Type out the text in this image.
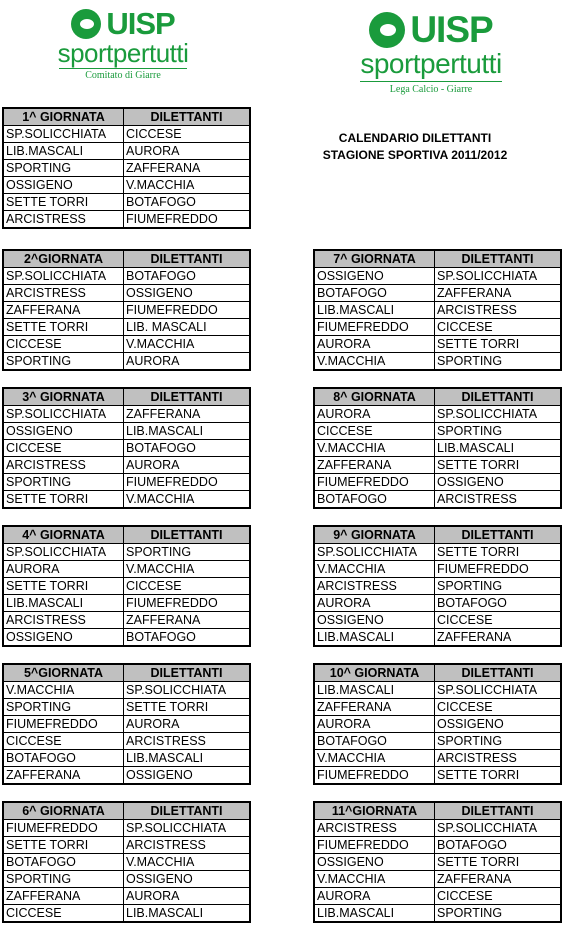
UISP
sportpertutti
Comitato di Giarre
UISP
sportpertutti
Lega Calcio - Giarre
CALENDARIO DILETTANTI
STAGIONE SPORTIVA 2011/2012
1^ GIORNATA	DILETTANTI
SP.SOLICCHIATA	CICCESE
LIB.MASCALI	AURORA
SPORTING	ZAFFERANA
OSSIGENO	V.MACCHIA
SETTE TORRI	BOTAFOGO
ARCISTRESS	FIUMEFREDDO
2^GIORNATA	DILETTANTI
SP.SOLICCHIATA	BOTAFOGO
ARCISTRESS	OSSIGENO
ZAFFERANA	FIUMEFREDDO
SETTE TORRI	LIB. MASCALI
CICCESE	V.MACCHIA
SPORTING	AURORA
3^ GIORNATA	DILETTANTI
SP.SOLICCHIATA	ZAFFERANA
OSSIGENO	LIB.MASCALI
CICCESE	BOTAFOGO
ARCISTRESS	AURORA
SPORTING	FIUMEFREDDO
SETTE TORRI	V.MACCHIA
4^ GIORNATA	DILETTANTI
SP.SOLICCHIATA	SPORTING
AURORA	V.MACCHIA
SETTE TORRI	CICCESE
LIB.MASCALI	FIUMEFREDDO
ARCISTRESS	ZAFFERANA
OSSIGENO	BOTAFOGO
5^GIORNATA	DILETTANTI
V.MACCHIA	SP.SOLICCHIATA
SPORTING	SETTE TORRI
FIUMEFREDDO	AURORA
CICCESE	ARCISTRESS
BOTAFOGO	LIB.MASCALI
ZAFFERANA	OSSIGENO
6^ GIORNATA	DILETTANTI
FIUMEFREDDO	SP.SOLICCHIATA
SETTE TORRI	ARCISTRESS
BOTAFOGO	V.MACCHIA
SPORTING	OSSIGENO
ZAFFERANA	AURORA
CICCESE	LIB.MASCALI
7^ GIORNATA	DILETTANTI
OSSIGENO	SP.SOLICCHIATA
BOTAFOGO	ZAFFERANA
LIB.MASCALI	ARCISTRESS
FIUMEFREDDO	CICCESE
AURORA	SETTE TORRI
V.MACCHIA	SPORTING
8^ GIORNATA	DILETTANTI
AURORA	SP.SOLICCHIATA
CICCESE	SPORTING
V.MACCHIA	LIB.MASCALI
ZAFFERANA	SETTE TORRI
FIUMEFREDDO	OSSIGENO
BOTAFOGO	ARCISTRESS
9^ GIORNATA	DILETTANTI
SP.SOLICCHIATA	SETTE TORRI
V.MACCHIA	FIUMEFREDDO
ARCISTRESS	SPORTING
AURORA	BOTAFOGO
OSSIGENO	CICCESE
LIB.MASCALI	ZAFFERANA
10^ GIORNATA	DILETTANTI
LIB.MASCALI	SP.SOLICCHIATA
ZAFFERANA	CICCESE
AURORA	OSSIGENO
BOTAFOGO	SPORTING
V.MACCHIA	ARCISTRESS
FIUMEFREDDO	SETTE TORRI
11^GIORNATA	DILETTANTI
ARCISTRESS	SP.SOLICCHIATA
FIUMEFREDDO	BOTAFOGO
OSSIGENO	SETTE TORRI
V.MACCHIA	ZAFFERANA
AURORA	CICCESE
LIB.MASCALI	SPORTING
